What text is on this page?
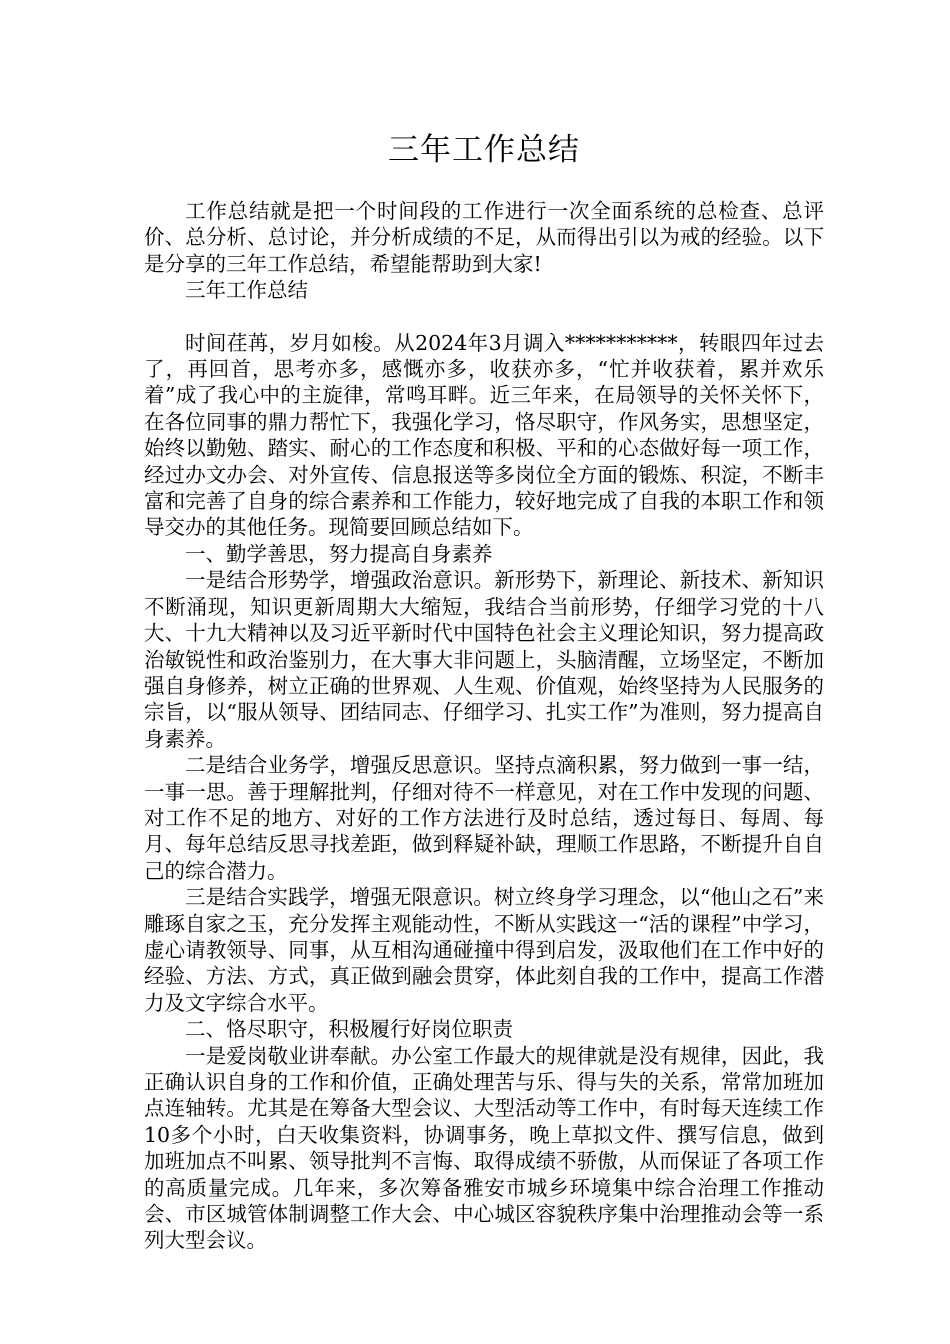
三年工作总结

工作总结就是把一个时间段的工作进行一次全面系统的总检查、总评价、总分析、总讨论，并分析成绩的不足，从而得出引以为戒的经验。以下是分享的三年工作总结，希望能帮助到大家!

三年工作总结

时间荏苒，岁月如梭。从2024年3月调入***********，转眼四年过去了，再回首，思考亦多，感慨亦多，收获亦多，“忙并收获着，累并欢乐着”成了我心中的主旋律，常鸣耳畔。近三年来，在局领导的关怀关怀下，在各位同事的鼎力帮忙下，我强化学习，恪尽职守，作风务实，思想坚定，始终以勤勉、踏实、耐心的工作态度和积极、平和的心态做好每一项工作，经过办文办会、对外宣传、信息报送等多岗位全方面的锻炼、积淀，不断丰富和完善了自身的综合素养和工作能力，较好地完成了自我的本职工作和领导交办的其他任务。现简要回顾总结如下。

一、勤学善思，努力提高自身素养

一是结合形势学，增强政治意识。新形势下，新理论、新技术、新知识不断涌现，知识更新周期大大缩短，我结合当前形势，仔细学习党的十八大、十九大精神以及习近平新时代中国特色社会主义理论知识，努力提高政治敏锐性和政治鉴别力，在大事大非问题上，头脑清醒，立场坚定，不断加强自身修养，树立正确的世界观、人生观、价值观，始终坚持为人民服务的宗旨，以“服从领导、团结同志、仔细学习、扎实工作”为准则，努力提高自身素养。

二是结合业务学，增强反思意识。坚持点滴积累，努力做到一事一结，一事一思。善于理解批判，仔细对待不一样意见，对在工作中发现的问题、对工作不足的地方、对好的工作方法进行及时总结，透过每日、每周、每月、每年总结反思寻找差距，做到释疑补缺，理顺工作思路，不断提升自自己的综合潜力。

三是结合实践学，增强无限意识。树立终身学习理念，以“他山之石”来雕琢自家之玉，充分发挥主观能动性，不断从实践这一“活的课程”中学习，虚心请教领导、同事，从互相沟通碰撞中得到启发，汲取他们在工作中好的经验、方法、方式，真正做到融会贯穿，体此刻自我的工作中，提高工作潜力及文字综合水平。

二、恪尽职守，积极履行好岗位职责

一是爱岗敬业讲奉献。办公室工作最大的规律就是没有规律，因此，我正确认识自身的工作和价值，正确处理苦与乐、得与失的关系，常常加班加点连轴转。尤其是在筹备大型会议、大型活动等工作中，有时每天连续工作10多个小时，白天收集资料，协调事务，晚上草拟文件、撰写信息，做到加班加点不叫累、领导批判不言悔、取得成绩不骄傲，从而保证了各项工作的高质量完成。几年来，多次筹备雅安市城乡环境集中综合治理工作推动会、市区城管体制调整工作大会、中心城区容貌秩序集中治理推动会等一系列大型会议。
